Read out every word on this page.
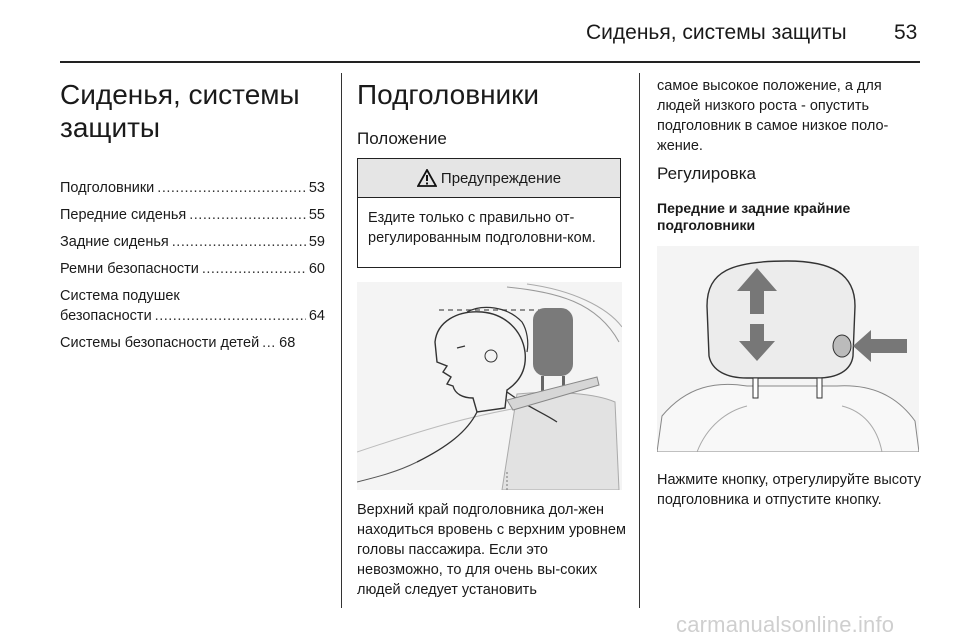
Сиденья, системы защиты	53
Сиденья, системы защиты
Подголовники .....	53
Передние сиденья .....	55
Задние сиденья .....	59
Ремни безопасности .....	60
Система подушек
безопасности .....	64
Системы безопасности детей ..... 68
Подголовники
Положение
Предупреждение
Ездите только с правильно от-регулированным подголовни-ком.
Верхний край подголовника дол-жен находиться вровень с верхним уровнем головы пассажира. Если это невозможно, то для очень вы-соких людей следует установить
самое высокое положение, а для людей низкого роста - опустить подголовник в самое низкое поло-жение.
Регулировка
Передние и задние крайние подголовники
Нажмите кнопку, отрегулируйте высоту подголовника и отпустите кнопку.
carmanualsonline.info
